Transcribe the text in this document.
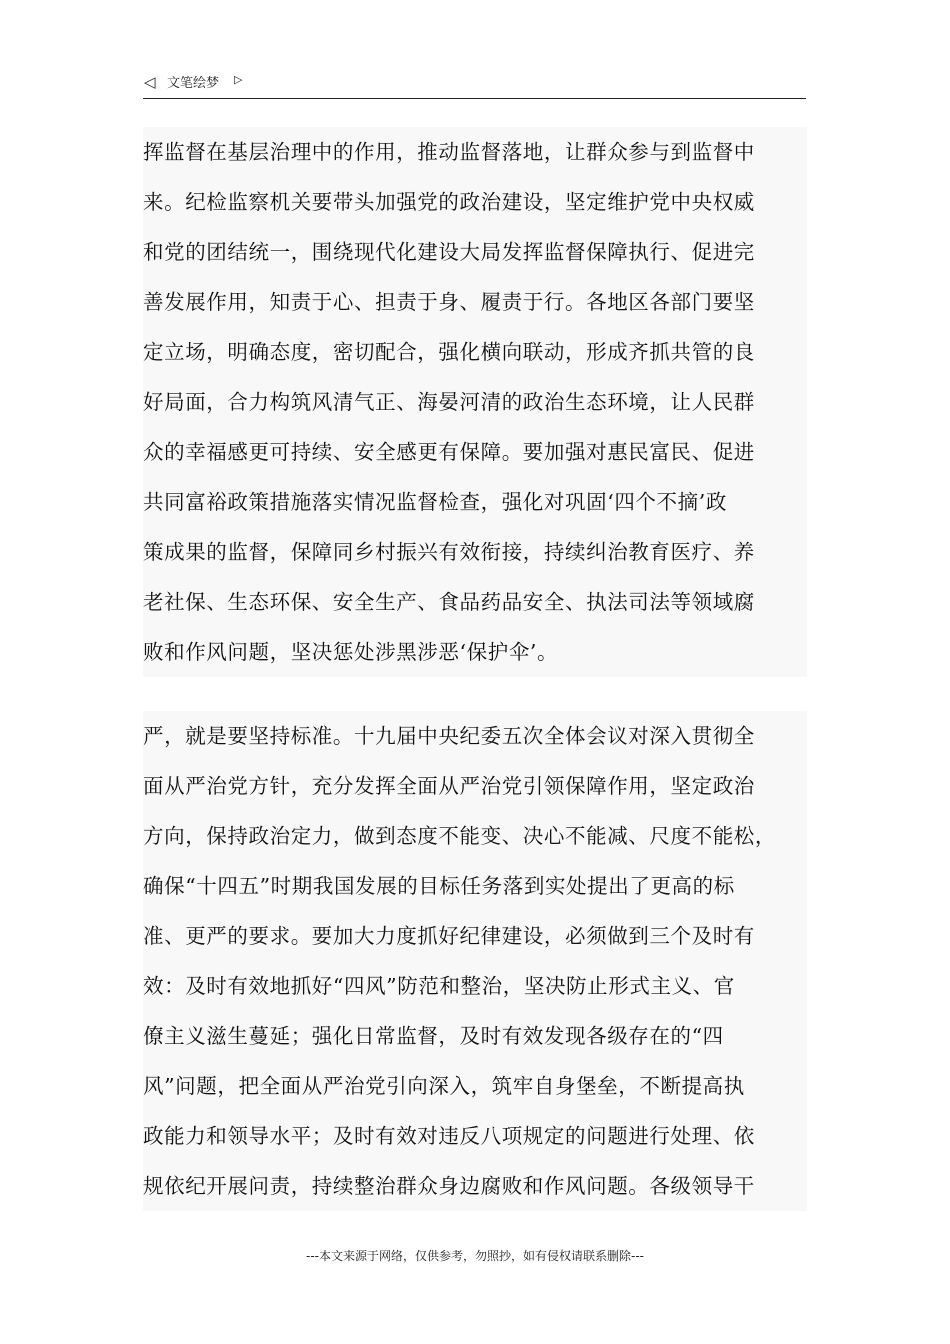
◁ 文笔绘梦 ▷
挥监督在基层治理中的作用，推动监督落地，让群众参与到监督中
来。纪检监察机关要带头加强党的政治建设，坚定维护党中央权威
和党的团结统一，围绕现代化建设大局发挥监督保障执行、促进完
善发展作用，知责于心、担责于身、履责于行。各地区各部门要坚
定立场，明确态度，密切配合，强化横向联动，形成齐抓共管的良
好局面，合力构筑风清气正、海晏河清的政治生态环境，让人民群
众的幸福感更可持续、安全感更有保障。要加强对惠民富民、促进
共同富裕政策措施落实情况监督检查，强化对巩固‘四个不摘’政
策成果的监督，保障同乡村振兴有效衔接，持续纠治教育医疗、养
老社保、生态环保、安全生产、食品药品安全、执法司法等领域腐
败和作风问题，坚决惩处涉黑涉恶‘保护伞’。
严，就是要坚持标准。十九届中央纪委五次全体会议对深入贯彻全
面从严治党方针，充分发挥全面从严治党引领保障作用，坚定政治
方向，保持政治定力，做到态度不能变、决心不能减、尺度不能松，
确保“十四五”时期我国发展的目标任务落到实处提出了更高的标
准、更严的要求。要加大力度抓好纪律建设，必须做到三个及时有
效：及时有效地抓好“四风”防范和整治，坚决防止形式主义、官
僚主义滋生蔓延；强化日常监督，及时有效发现各级存在的“四
风”问题，把全面从严治党引向深入，筑牢自身堡垒，不断提高执
政能力和领导水平；及时有效对违反八项规定的问题进行处理、依
规依纪开展问责，持续整治群众身边腐败和作风问题。各级领导干
---本文来源于网络，仅供参考，勿照抄，如有侵权请联系删除---
